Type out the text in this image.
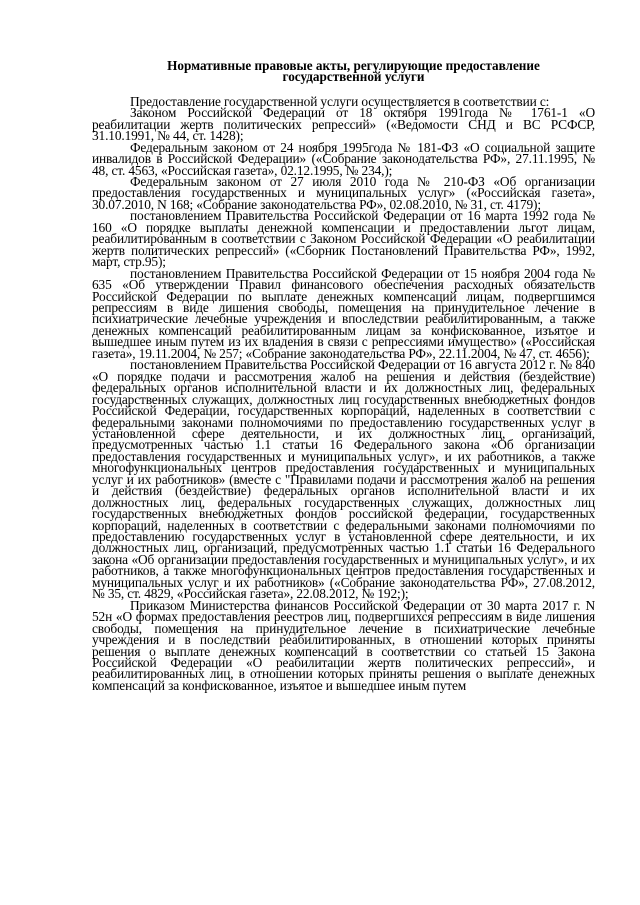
Нормативные правовые акты, регулирующие предоставление
государственной услуги

Предоставление государственной услуги осуществляется в соответствии с:

Законом Российской Федерации от 18 октября 1991года № 1761-1 «О реабилитации жертв политических репрессий» («Ведомости СНД и ВС РСФСР, 31.10.1991, № 44, ст. 1428);

Федеральным законом от 24 ноября 1995года № 181-ФЗ «О социальной защите инвалидов в Российской Федерации» («Собрание законодательства РФ», 27.11.1995, № 48, ст. 4563, «Российская газета», 02.12.1995, № 234,);

Федеральным законом от 27 июля 2010 года № 210-ФЗ «Об организации предоставления государственных и муниципальных услуг» («Российская газета», 30.07.2010, N 168; «Собрание законодательства РФ», 02.08.2010, № 31, ст. 4179);

постановлением Правительства Российской Федерации от 16 марта 1992 года № 160 «О порядке выплаты денежной компенсации и предоставлении льгот лицам, реабилитированным в соответствии с Законом Российской Федерации «О реабилитации жертв политических репрессий» («Сборник Постановлений Правительства РФ», 1992, март, стр.95);

постановлением Правительства Российской Федерации от 15 ноября 2004 года № 635 «Об утверждении Правил финансового обеспечения расходных обязательств Российской Федерации по выплате денежных компенсаций лицам, подвергшимся репрессиям в виде лишения свободы, помещения на принудительное лечение в психиатрические лечебные учреждения и впоследствии реабилитированным, а также денежных компенсаций реабилитированным лицам за конфискованное, изъятое и вышедшее иным путем из их владения в связи с репрессиями имущество» («Российская газета», 19.11.2004, № 257; «Собрание законодательства РФ», 22.11.2004, № 47, ст. 4656);

постановлением Правительства Российской Федерации от 16 августа 2012 г. № 840 «О порядке подачи и рассмотрения жалоб на решения и действия (бездействие) федеральных органов исполнительной власти и их должностных лиц, федеральных государственных служащих, должностных лиц государственных внебюджетных фондов Российской Федерации, государственных корпораций, наделенных в соответствии с федеральными законами полномочиями по предоставлению государственных услуг в установленной сфере деятельности, и их должностных лиц, организаций, предусмотренных частью 1.1 статьи 16 Федерального закона «Об организации предоставления государственных и муниципальных услуг», и их работников, а также многофункциональных центров предоставления государственных и муниципальных услуг и их работников» (вместе с "Правилами подачи и рассмотрения жалоб на решения и действия (бездействие) федеральных органов исполнительной власти и их должностных лиц, федеральных государственных служащих, должностных лиц государственных внебюджетных фондов российской федерации, государственных корпораций, наделенных в соответствии с федеральными законами полномочиями по предоставлению государственных услуг в установленной сфере деятельности, и их должностных лиц, организаций, предусмотренных частью 1.1 статьи 16 Федерального закона «Об организации предоставления государственных и муниципальных услуг», и их работников, а также многофункциональных центров предоставления государственных и муниципальных услуг и их работников» («Собрание законодательства РФ», 27.08.2012, № 35, ст. 4829, «Российская газета», 22.08.2012, № 192;);

Приказом Министерства финансов Российской Федерации от 30 марта 2017 г. N 52н «О формах предоставления реестров лиц, подвергшихся репрессиям в виде лишения свободы, помещения на принудительное лечение в психиатрические лечебные учреждения и в последствии реабилитированных, в отношении которых приняты решения о выплате денежных компенсаций в соответствии со статьей 15 Закона Российской Федерации «О реабилитации жертв политических репрессий», и реабилитированных лиц, в отношении которых приняты решения о выплате денежных компенсаций за конфискованное, изъятое и вышедшее иным путем
